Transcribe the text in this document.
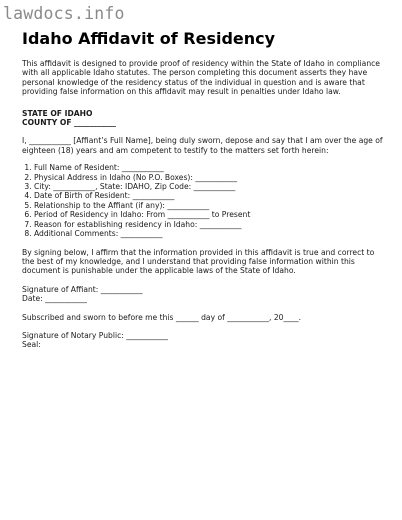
lawdocs.info
Idaho Affidavit of Residency

This affidavit is designed to provide proof of residency within the State of Idaho in compliance with all applicable Idaho statutes. The person completing this document asserts they have personal knowledge of the residency status of the individual in question and is aware that providing false information on this affidavit may result in penalties under Idaho law.

STATE OF IDAHO
COUNTY OF ___________

I, ___________ [Affiant’s Full Name], being duly sworn, depose and say that I am over the age of eighteen (18) years and am competent to testify to the matters set forth herein:

1. Full Name of Resident: ___________
2. Physical Address in Idaho (No P.O. Boxes): ___________
3. City: ___________, State: IDAHO, Zip Code: ___________
4. Date of Birth of Resident: ___________
5. Relationship to the Affiant (if any): ___________
6. Period of Residency in Idaho: From ___________ to Present
7. Reason for establishing residency in Idaho: ___________
8. Additional Comments: ___________

By signing below, I affirm that the information provided in this affidavit is true and correct to the best of my knowledge, and I understand that providing false information within this document is punishable under the applicable laws of the State of Idaho.

Signature of Affiant: ___________
Date: ___________

Subscribed and sworn to before me this ______ day of ___________, 20____.

Signature of Notary Public: ___________
Seal:
